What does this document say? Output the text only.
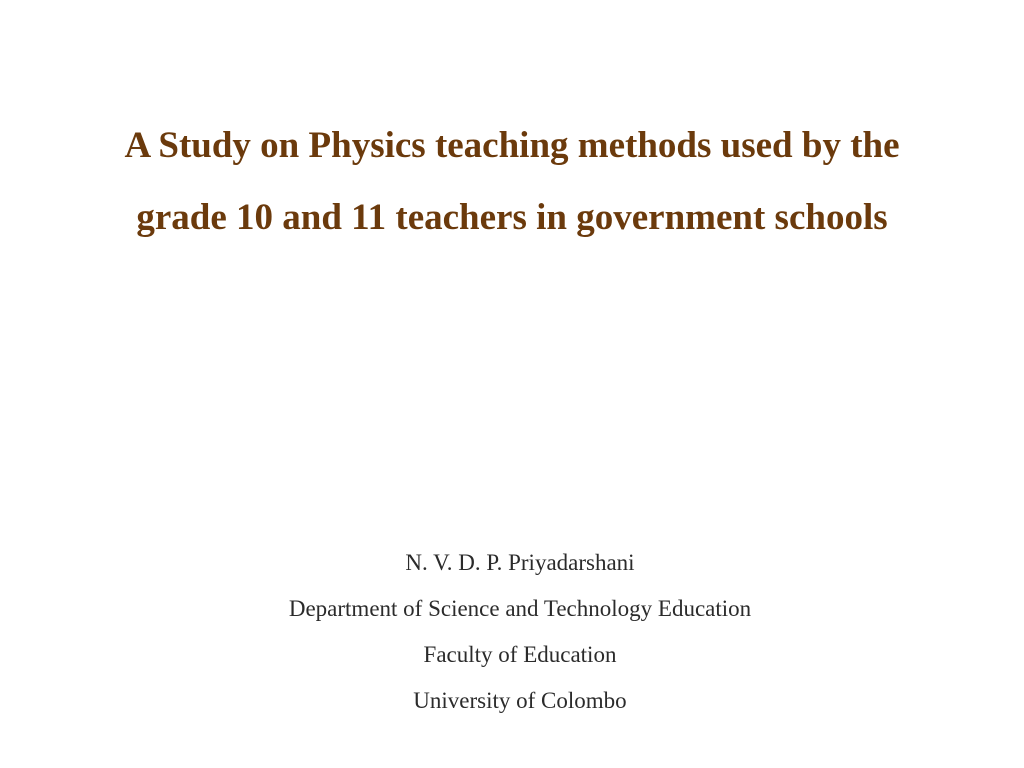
A Study on Physics teaching methods used by the
grade 10 and 11 teachers in government schools
N. V. D. P. Priyadarshani
Department of Science and Technology Education
Faculty of Education
University of Colombo
